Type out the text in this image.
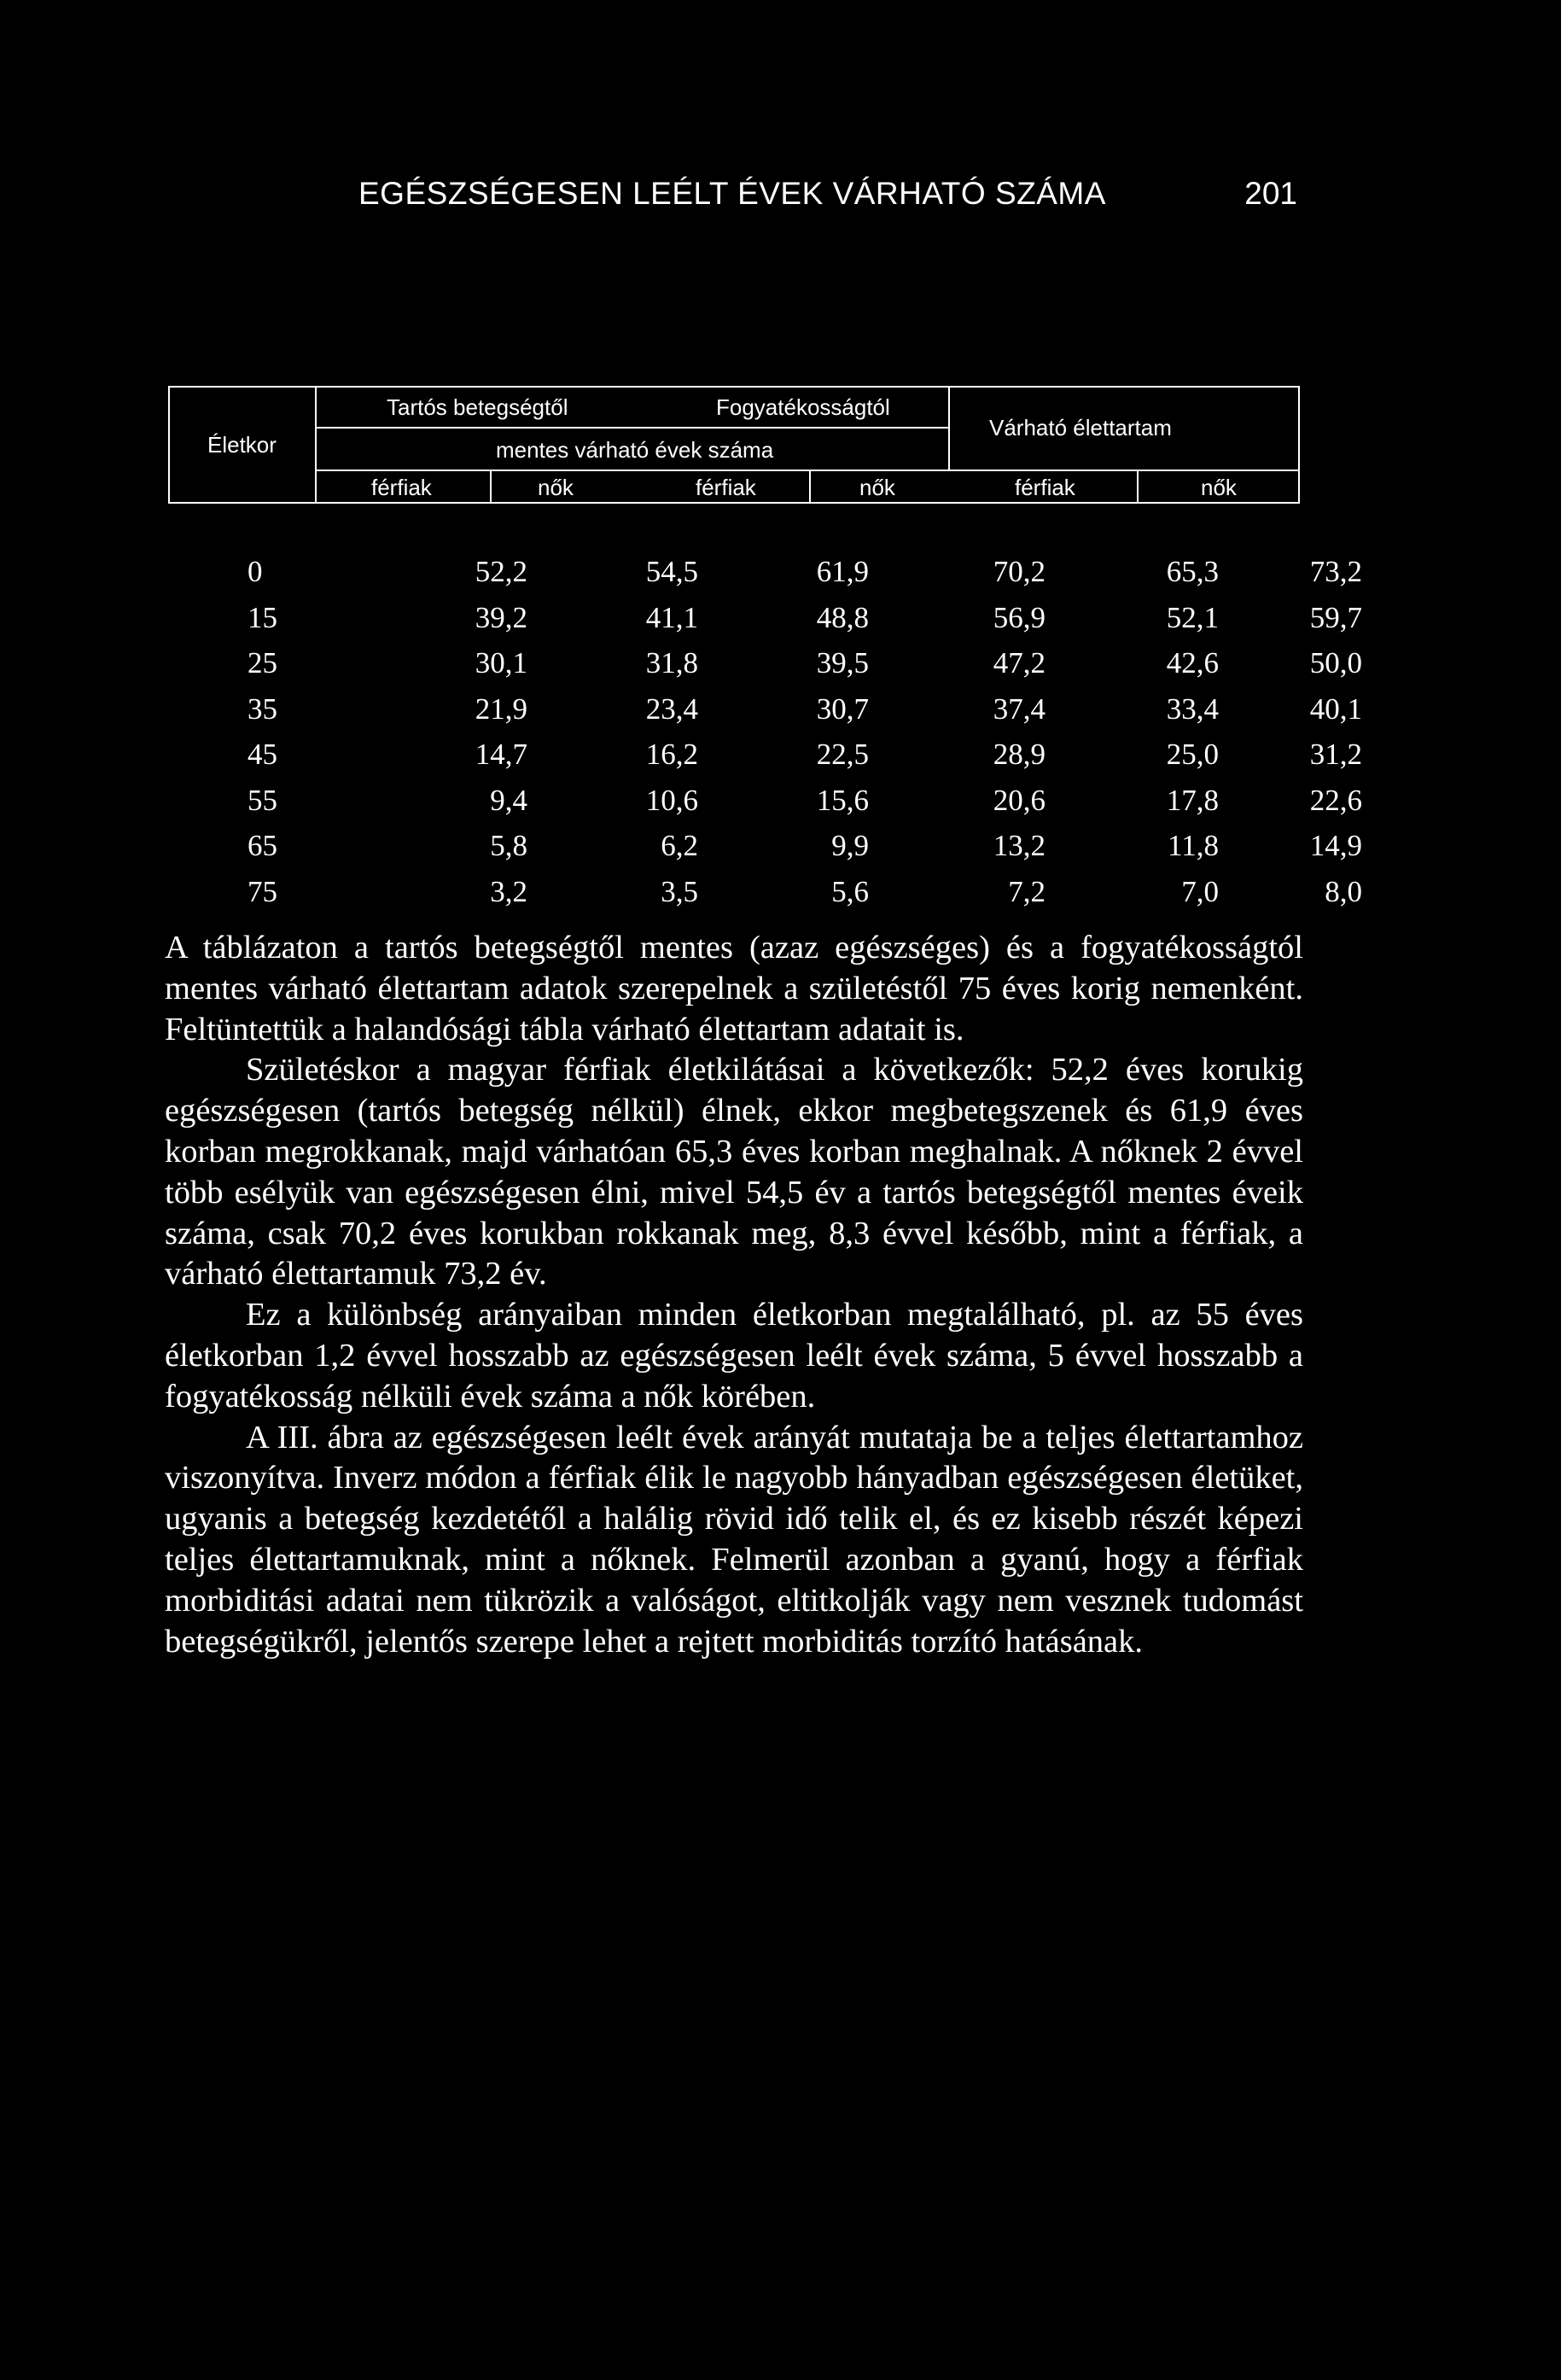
EGÉSZSÉGESEN LEÉLT ÉVEK VÁRHATÓ SZÁMA	201
Életkor
Tartós betegségtől	Fogyatékosságtól
mentes várható évek száma
Várható élettartam
férfiak	nők	férfiak	nők	férfiak	nők
0	52,2	54,5	61,9	70,2	65,3	73,2
15	39,2	41,1	48,8	56,9	52,1	59,7
25	30,1	31,8	39,5	47,2	42,6	50,0
35	21,9	23,4	30,7	37,4	33,4	40,1
45	14,7	16,2	22,5	28,9	25,0	31,2
55	9,4	10,6	15,6	20,6	17,8	22,6
65	5,8	6,2	9,9	13,2	11,8	14,9
75	3,2	3,5	5,6	7,2	7,0	8,0

A táblázaton a tartós betegségtől mentes (azaz egészséges) és a fogyatékosságtól mentes várható élettartam adatok szerepelnek a születéstől 75 éves korig nemenként. Feltüntettük a halandósági tábla várható élettartam adatait is.

Születéskor a magyar férfiak életkilátásai a következők: 52,2 éves korukig egészségesen (tartós betegség nélkül) élnek, ekkor megbetegszenek és 61,9 éves korban megrokkanak, majd várhatóan 65,3 éves korban meghalnak. A nőknek 2 évvel több esélyük van egészségesen élni, mivel 54,5 év a tartós betegségtől mentes éveik száma, csak 70,2 éves korukban rokkanak meg, 8,3 évvel később, mint a férfiak, a várható élettartamuk 73,2 év.

Ez a különbség arányaiban minden életkorban megtalálható, pl. az 55 éves életkorban 1,2 évvel hosszabb az egészségesen leélt évek száma, 5 évvel hosszabb a fogyatékosság nélküli évek száma a nők körében.

A III. ábra az egészségesen leélt évek arányát mutataja be a teljes élettartamhoz viszonyítva. Inverz módon a férfiak élik le nagyobb hányadban egészségesen életüket, ugyanis a betegség kezdetétől a halálig rövid idő telik el, és ez kisebb részét képezi teljes élettartamuknak, mint a nőknek. Felmerül azonban a gyanú, hogy a férfiak morbiditási adatai nem tükrözik a valóságot, eltitkolják vagy nem vesznek tudomást betegségükről, jelentős szerepe lehet a rejtett morbiditás torzító hatásának.
